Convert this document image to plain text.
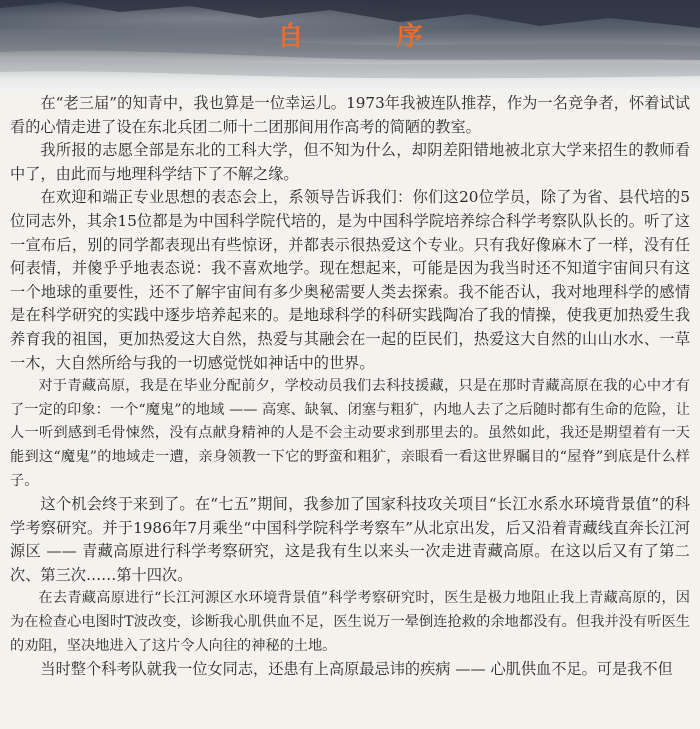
自 序

在“老三届”的知青中，我也算是一位幸运儿。1973年我被连队推荐，作为一名竞争者，怀着试试看的心情走进了设在东北兵团二师十二团那间用作高考的简陋的教室。

我所报的志愿全部是东北的工科大学，但不知为什么，却阴差阳错地被北京大学来招生的教师看中了，由此而与地理科学结下了不解之缘。

在欢迎和端正专业思想的表态会上，系领导告诉我们：你们这20位学员，除了为省、县代培的5位同志外，其余15位都是为中国科学院代培的，是为中国科学院培养综合科学考察队队长的。听了这一宣布后，别的同学都表现出有些惊讶，并都表示很热爱这个专业。只有我好像麻木了一样，没有任何表情，并傻乎乎地表态说：我不喜欢地学。现在想起来，可能是因为我当时还不知道宇宙间只有这一个地球的重要性，还不了解宇宙间有多少奥秘需要人类去探索。我不能否认，我对地理科学的感情是在科学研究的实践中逐步培养起来的。是地球科学的科研实践陶冶了我的情操，使我更加热爱生我养育我的祖国，更加热爱这大自然，热爱与其融会在一起的臣民们，热爱这大自然的山山水水、一草一木，大自然所给与我的一切感觉恍如神话中的世界。

对于青藏高原，我是在毕业分配前夕，学校动员我们去科技援藏，只是在那时青藏高原在我的心中才有了一定的印象：一个“魔鬼”的地域 —— 高寒、缺氧、闭塞与粗犷，内地人去了之后随时都有生命的危险，让人一听到感到毛骨悚然，没有点献身精神的人是不会主动要求到那里去的。虽然如此，我还是期望着有一天能到这“魔鬼”的地域走一遭，亲身领教一下它的野蛮和粗犷，亲眼看一看这世界瞩目的“屋脊”到底是什么样子。

这个机会终于来到了。在“七五”期间，我参加了国家科技攻关项目“长江水系水环境背景值”的科学考察研究。并于1986年7月乘坐“中国科学院科学考察车”从北京出发，后又沿着青藏线直奔长江河源区 —— 青藏高原进行科学考察研究，这是我有生以来头一次走进青藏高原。在这以后又有了第二次、第三次……第十四次。

在去青藏高原进行“长江河源区水环境背景值”科学考察研究时，医生是极力地阻止我上青藏高原的，因为在检查心电图时T波改变，诊断我心肌供血不足，医生说万一晕倒连抢救的余地都没有。但我并没有听医生的劝阻，坚决地进入了这片令人向往的神秘的土地。

当时整个科考队就我一位女同志，还患有上高原最忌讳的疾病 —— 心肌供血不足。可是我不但
